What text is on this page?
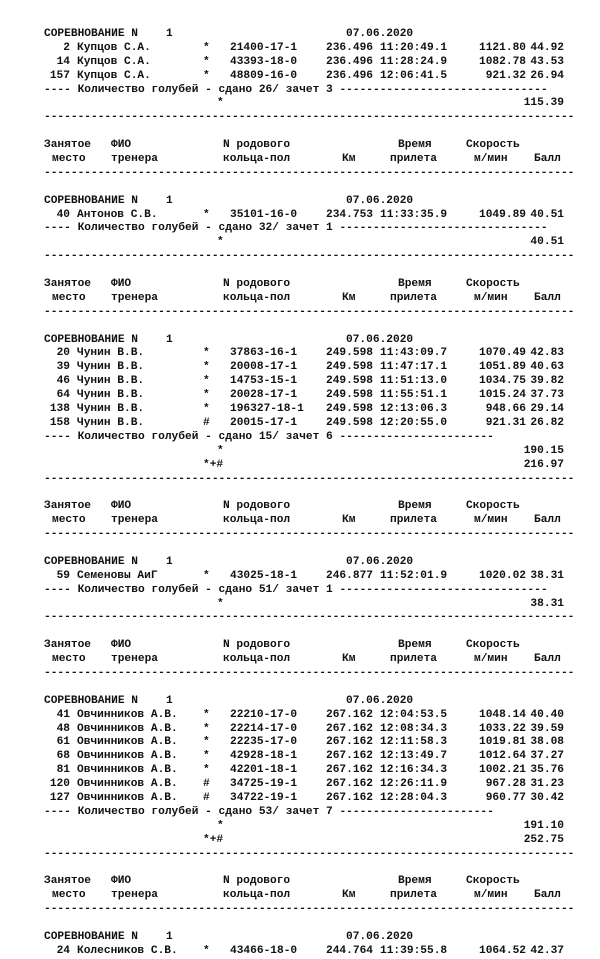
СОРЕВНОВАНИЕ N	1	07.06.2020
2 Купцов С.А.	* 21400-17-1	236.496 11:20:49.1	1121.80 44.92
14 Купцов С.А.	* 43393-18-0	236.496 11:28:24.9	1082.78 43.53
157 Купцов С.А.	* 48809-16-0	236.496 12:06:41.5	921.32 26.94
---- Количество голубей - сдано 26/ зачет 3 -------------------------------
*	115.39
-------------------------------------------------------------------------------
Занятое ФИО	N родового	Время	Скорость
место тренера	кольца-пол	Км	прилета	м/мин Балл
-------------------------------------------------------------------------------
СОРЕВНОВАНИЕ N	1	07.06.2020
40 Антонов С.В.	* 35101-16-0	234.753 11:33:35.9	1049.89 40.51
---- Количество голубей - сдано 32/ зачет 1 -------------------------------
*	40.51
-------------------------------------------------------------------------------
Занятое ФИО	N родового	Время	Скорость
место тренера	кольца-пол	Км	прилета	м/мин Балл
-------------------------------------------------------------------------------
СОРЕВНОВАНИЕ N	1	07.06.2020
20 Чунин В.В.	* 37863-16-1	249.598 11:43:09.7	1070.49 42.83
39 Чунин В.В.	* 20008-17-1	249.598 11:47:17.1	1051.89 40.63
46 Чунин В.В.	* 14753-15-1	249.598 11:51:13.0	1034.75 39.82
64 Чунин В.В.	* 20028-17-1	249.598 11:55:51.1	1015.24 37.73
138 Чунин В.В.	* 196327-18-1 249.598 12:13:06.3	948.66 29.14
158 Чунин В.В.	# 20015-17-1	249.598 12:20:55.0	921.31 26.82
---- Количество голубей - сдано 15/ зачет 6 -----------------------
*	190.15
*+#	216.97
-------------------------------------------------------------------------------
Занятое ФИО	N родового	Время	Скорость
место тренера	кольца-пол	Км	прилета	м/мин Балл
-------------------------------------------------------------------------------
СОРЕВНОВАНИЕ N	1	07.06.2020
59 Семеновы АиГ	* 43025-18-1	246.877 11:52:01.9	1020.02 38.31
---- Количество голубей - сдано 51/ зачет 1 -------------------------------
*	38.31
-------------------------------------------------------------------------------
Занятое ФИО	N родового	Время	Скорость
место тренера	кольца-пол	Км	прилета	м/мин Балл
-------------------------------------------------------------------------------
СОРЕВНОВАНИЕ N	1	07.06.2020
41 Овчинников А.В. * 22210-17-0	267.162 12:04:53.5	1048.14 40.40
48 Овчинников А.В. * 22214-17-0	267.162 12:08:34.3	1033.22 39.59
61 Овчинников А.В. * 22235-17-0	267.162 12:11:58.3	1019.81 38.08
68 Овчинников А.В. * 42928-18-1	267.162 12:13:49.7	1012.64 37.27
81 Овчинников А.В. * 42201-18-1	267.162 12:16:34.3	1002.21 35.76
120 Овчинников А.В. # 34725-19-1	267.162 12:26:11.9	967.28 31.23
127 Овчинников А.В. # 34722-19-1	267.162 12:28:04.3	960.77 30.42
---- Количество голубей - сдано 53/ зачет 7 -----------------------
*	191.10
*+#	252.75
-------------------------------------------------------------------------------
Занятое ФИО	N родового	Время	Скорость
место тренера	кольца-пол	Км	прилета	м/мин Балл
-------------------------------------------------------------------------------
СОРЕВНОВАНИЕ N	1	07.06.2020
24 Колесников С.В. * 43466-18-0	244.764 11:39:55.8	1064.52 42.37
